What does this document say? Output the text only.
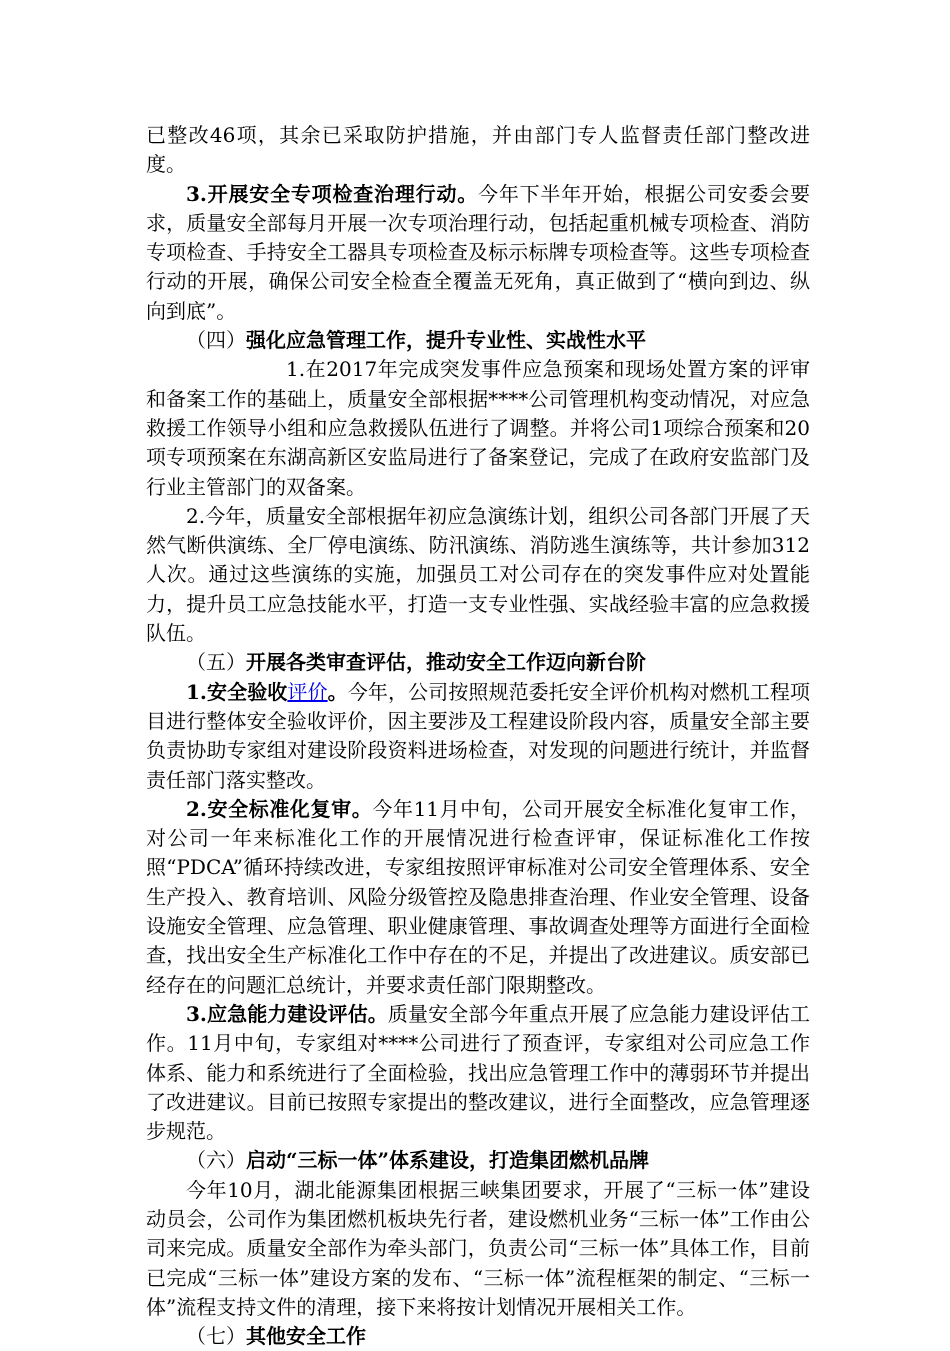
已整改46项，其余已采取防护措施，并由部门专人监督责任部门整改进度。

3.开展安全专项检查治理行动。今年下半年开始，根据公司安委会要求，质量安全部每月开展一次专项治理行动，包括起重机械专项检查、消防专项检查、手持安全工器具专项检查及标示标牌专项检查等。这些专项检查行动的开展，确保公司安全检查全覆盖无死角，真正做到了“横向到边、纵向到底”。

（四）强化应急管理工作，提升专业性、实战性水平

1.在2017年完成突发事件应急预案和现场处置方案的评审和备案工作的基础上，质量安全部根据****公司管理机构变动情况，对应急救援工作领导小组和应急救援队伍进行了调整。并将公司1项综合预案和20项专项预案在东湖高新区安监局进行了备案登记，完成了在政府安监部门及行业主管部门的双备案。

2.今年，质量安全部根据年初应急演练计划，组织公司各部门开展了天然气断供演练、全厂停电演练、防汛演练、消防逃生演练等，共计参加312人次。通过这些演练的实施，加强员工对公司存在的突发事件应对处置能力，提升员工应急技能水平，打造一支专业性强、实战经验丰富的应急救援队伍。

（五）开展各类审查评估，推动安全工作迈向新台阶

1.安全验收评价。今年，公司按照规范委托安全评价机构对燃机工程项目进行整体安全验收评价，因主要涉及工程建设阶段内容，质量安全部主要负责协助专家组对建设阶段资料进场检查，对发现的问题进行统计，并监督责任部门落实整改。

2.安全标准化复审。今年11月中旬，公司开展安全标准化复审工作，对公司一年来标准化工作的开展情况进行检查评审，保证标准化工作按照“PDCA”循环持续改进，专家组按照评审标准对公司安全管理体系、安全生产投入、教育培训、风险分级管控及隐患排查治理、作业安全管理、设备设施安全管理、应急管理、职业健康管理、事故调查处理等方面进行全面检查，找出安全生产标准化工作中存在的不足，并提出了改进建议。质安部已经存在的问题汇总统计，并要求责任部门限期整改。

3.应急能力建设评估。质量安全部今年重点开展了应急能力建设评估工作。11月中旬，专家组对****公司进行了预查评，专家组对公司应急工作体系、能力和系统进行了全面检验，找出应急管理工作中的薄弱环节并提出了改进建议。目前已按照专家提出的整改建议，进行全面整改，应急管理逐步规范。

（六）启动“三标一体”体系建设，打造集团燃机品牌

今年10月，湖北能源集团根据三峡集团要求，开展了“三标一体”建设动员会，公司作为集团燃机板块先行者，建设燃机业务“三标一体”工作由公司来完成。质量安全部作为牵头部门，负责公司“三标一体”具体工作，目前已完成“三标一体”建设方案的发布、“三标一体”流程框架的制定、“三标一体”流程支持文件的清理，接下来将按计划情况开展相关工作。

（七）其他安全工作
